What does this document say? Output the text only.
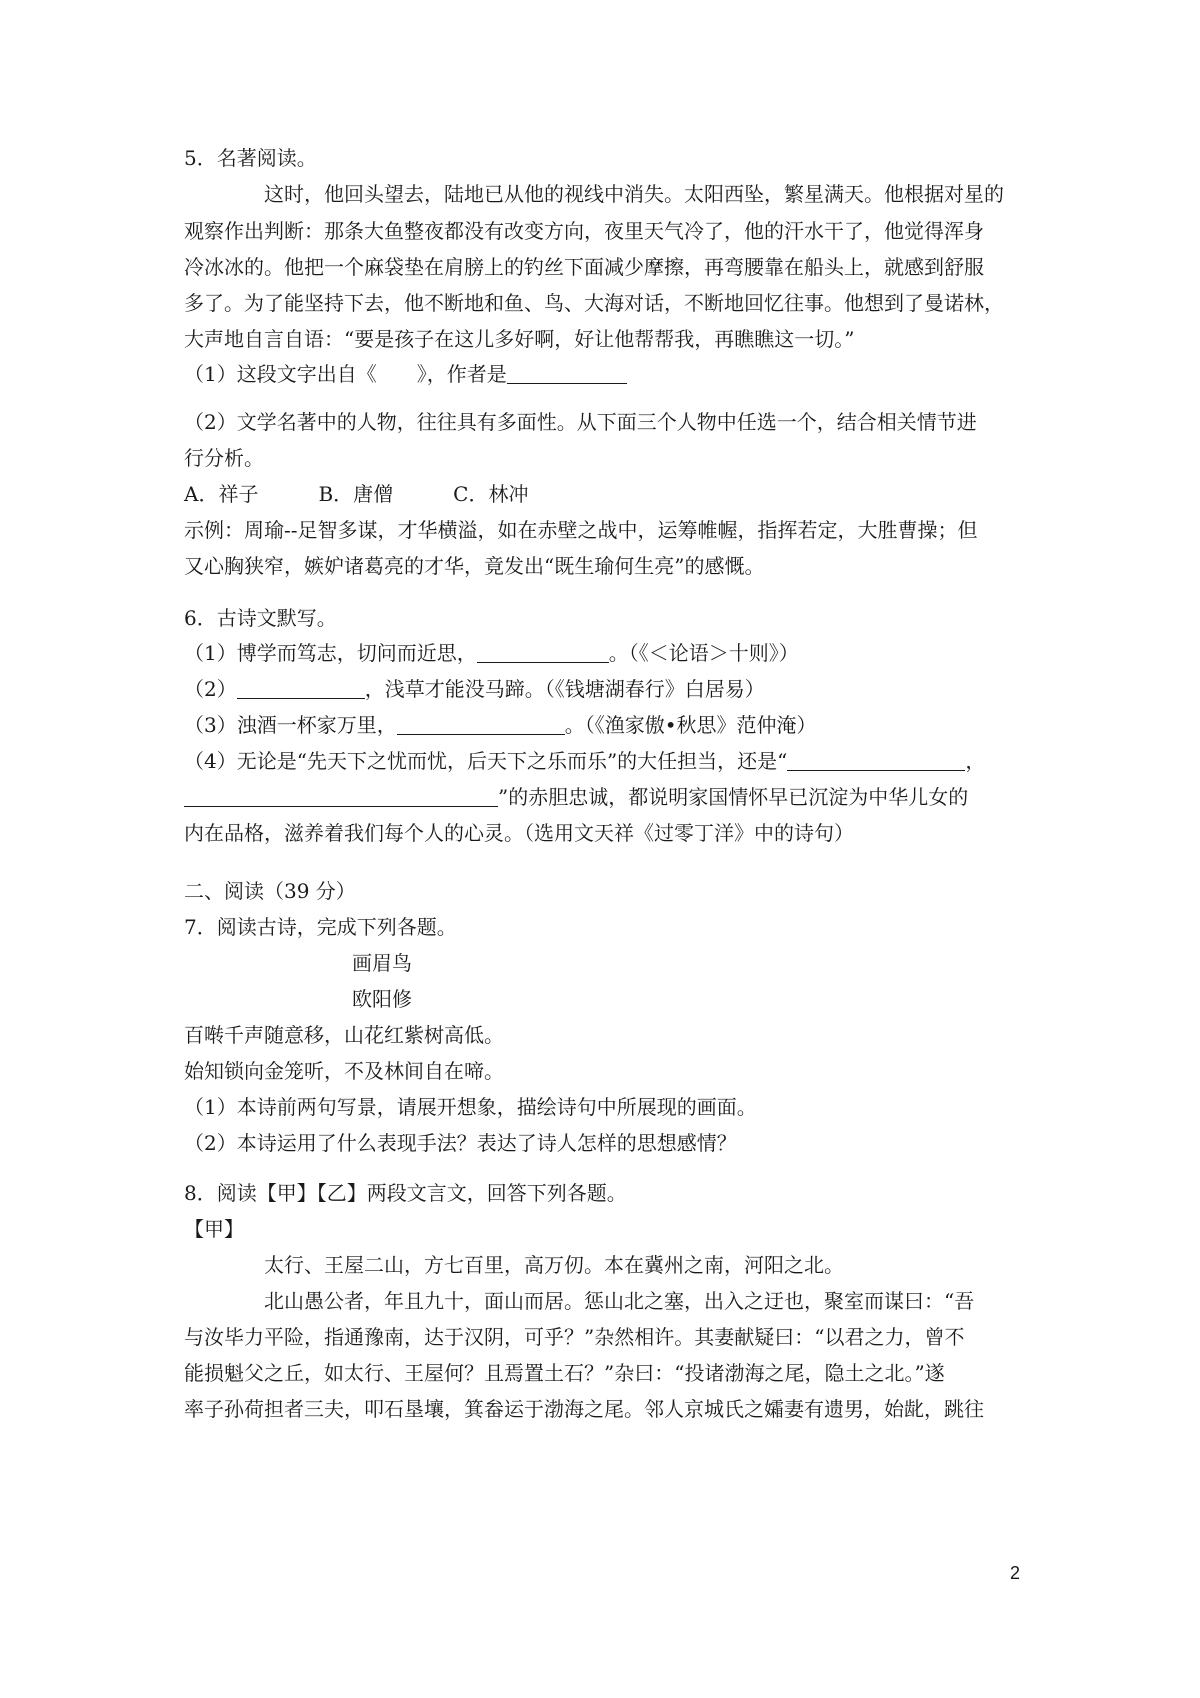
5．名著阅读。
这时，他回头望去，陆地已从他的视线中消失。太阳西坠，繁星满天。他根据对星的
观察作出判断：那条大鱼整夜都没有改变方向，夜里天气冷了，他的汗水干了，他觉得浑身
冷冰冰的。他把一个麻袋垫在肩膀上的钓丝下面减少摩擦，再弯腰靠在船头上，就感到舒服
多了。为了能坚持下去，他不断地和鱼、鸟、大海对话，不断地回忆往事。他想到了曼诺林，
大声地自言自语：“要是孩子在这儿多好啊，好让他帮帮我，再瞧瞧这一切。”
（1）这段文字出自《　　》，作者是
（2）文学名著中的人物，往往具有多面性。从下面三个人物中任选一个，结合相关情节进
行分析。
A．祥子　　　B．唐僧　　　C．林冲
示例：周瑜--足智多谋，才华横溢，如在赤壁之战中，运筹帷幄，指挥若定，大胜曹操；但
又心胸狭窄，嫉妒诸葛亮的才华，竟发出“既生瑜何生亮”的感慨。
6．古诗文默写。
（1）博学而笃志，切问而近思，	。（《＜论语＞十则》）
（2）	，浅草才能没马蹄。（《钱塘湖春行》白居易）
（3）浊酒一杯家万里，	。（《渔家傲•秋思》范仲淹）
（4）无论是“先天下之忧而忧，后天下之乐而乐”的大任担当，还是“	，
”的赤胆忠诚，都说明家国情怀早已沉淀为中华儿女的
内在品格，滋养着我们每个人的心灵。（选用文天祥《过零丁洋》中的诗句）
二、阅读（39 分）
7．阅读古诗，完成下列各题。
画眉鸟
欧阳修
百啭千声随意移，山花红紫树高低。
始知锁向金笼听，不及林间自在啼。
（1）本诗前两句写景，请展开想象，描绘诗句中所展现的画面。
（2）本诗运用了什么表现手法？表达了诗人怎样的思想感情？
8．阅读【甲】【乙】两段文言文，回答下列各题。
【甲】
太行、王屋二山，方七百里，高万仞。本在冀州之南，河阳之北。
北山愚公者，年且九十，面山而居。惩山北之塞，出入之迂也，聚室而谋曰：“吾
与汝毕力平险，指通豫南，达于汉阴，可乎？”杂然相许。其妻献疑曰：“以君之力，曾不
能损魁父之丘，如太行、王屋何？且焉置土石？”杂曰：“投诸渤海之尾，隐土之北。”遂
率子孙荷担者三夫，叩石垦壤，箕畚运于渤海之尾。邻人京城氏之孀妻有遗男，始龀，跳往
2
